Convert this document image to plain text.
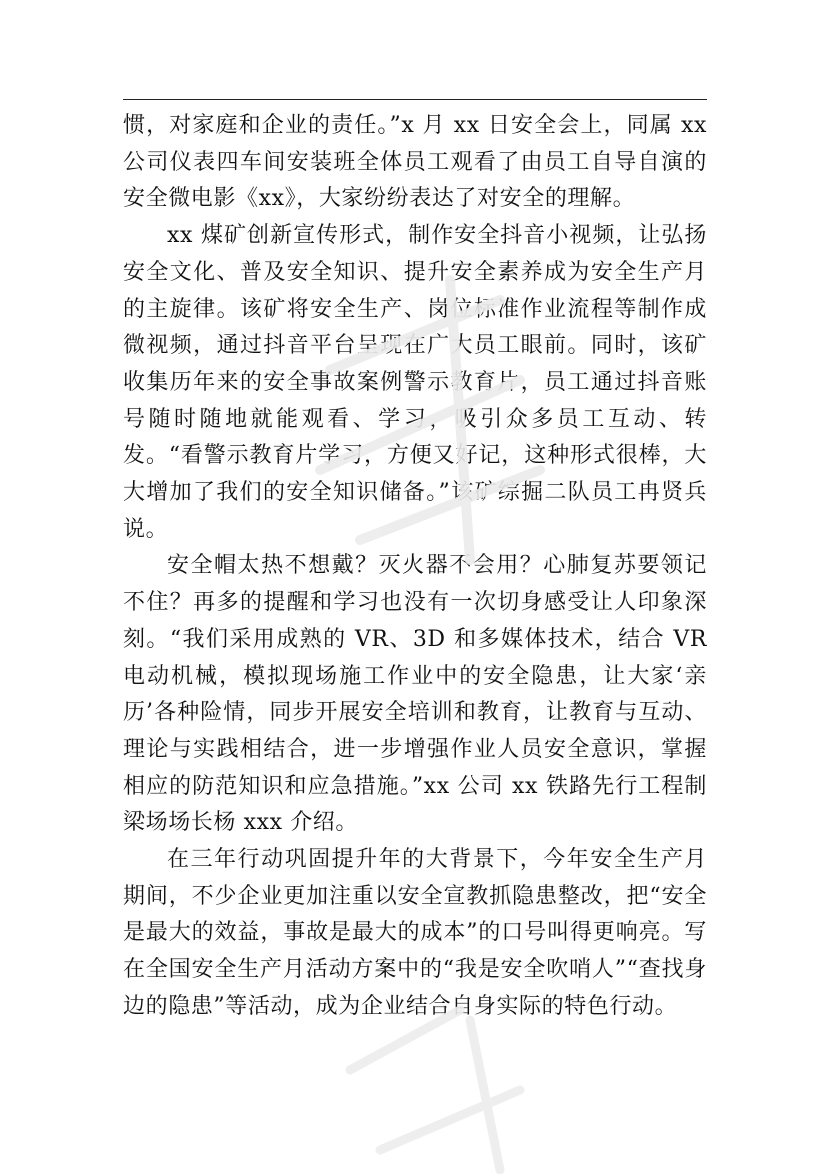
惯，对家庭和企业的责任。”x 月 xx 日安全会上，同属 xx 公司仪表四车间安装班全体员工观看了由员工自导自演的安全微电影《xx》，大家纷纷表达了对安全的理解。

xx 煤矿创新宣传形式，制作安全抖音小视频，让弘扬安全文化、普及安全知识、提升安全素养成为安全生产月的主旋律。该矿将安全生产、岗位标准作业流程等制作成微视频，通过抖音平台呈现在广大员工眼前。同时，该矿收集历年来的安全事故案例警示教育片，员工通过抖音账号随时随地就能观看、学习，吸引众多员工互动、转发。“看警示教育片学习，方便又好记，这种形式很棒，大大增加了我们的安全知识储备。”该矿综掘二队员工冉贤兵说。

安全帽太热不想戴？灭火器不会用？心肺复苏要领记不住？再多的提醒和学习也没有一次切身感受让人印象深刻。“我们采用成熟的 VR、3D 和多媒体技术，结合 VR 电动机械，模拟现场施工作业中的安全隐患，让大家‘亲历’各种险情，同步开展安全培训和教育，让教育与互动、理论与实践相结合，进一步增强作业人员安全意识，掌握相应的防范知识和应急措施。”xx 公司 xx 铁路先行工程制梁场场长杨 xxx 介绍。

在三年行动巩固提升年的大背景下，今年安全生产月期间，不少企业更加注重以安全宣教抓隐患整改，把“安全是最大的效益，事故是最大的成本”的口号叫得更响亮。写在全国安全生产月活动方案中的“我是安全吹哨人”“查找身边的隐患”等活动，成为企业结合自身实际的特色行动。
